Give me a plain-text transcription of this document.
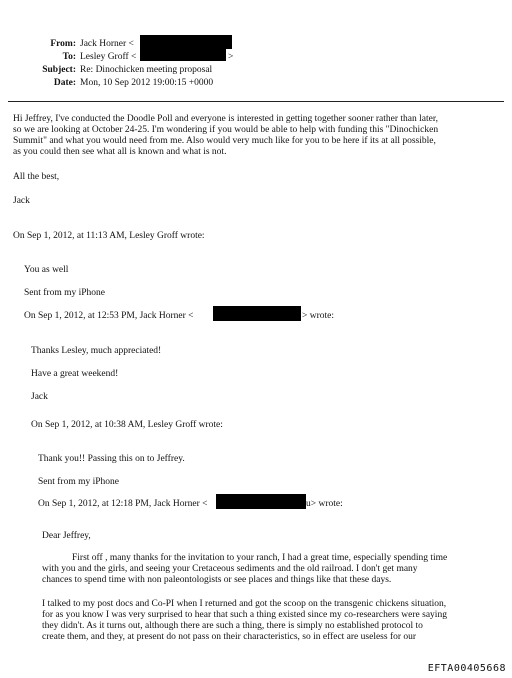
From: Jack Horner <
To: Lesley Groff <	>
Subject: Re: Dinochicken meeting proposal
Date: Mon, 10 Sep 2012 19:00:15 +0000
Hi Jeffrey, I've conducted the Doodle Poll and everyone is interested in getting together sooner rather than later,
so we are looking at October 24-25. I'm wondering if you would be able to help with funding this "Dinochicken
Summit" and what you would need from me. Also would very much like for you to be here if its at all possible,
as you could then see what all is known and what is not.
All the best,
Jack
On Sep 1, 2012, at 11:13 AM, Lesley Groff wrote:
You as well
Sent from my iPhone
On Sep 1, 2012, at 12:53 PM, Jack Horner <	> wrote:
Thanks Lesley, much appreciated!
Have a great weekend!
Jack
On Sep 1, 2012, at 10:38 AM, Lesley Groff wrote:
Thank you!! Passing this on to Jeffrey.
Sent from my iPhone
On Sep 1, 2012, at 12:18 PM, Jack Horner <	u> wrote:
Dear Jeffrey,
First off , many thanks for the invitation to your ranch, I had a great time, especially spending time
with you and the girls, and seeing your Cretaceous sediments and the old railroad. I don't get many
chances to spend time with non paleontologists or see places and things like that these days.
I talked to my post docs and Co-PI when I returned and got the scoop on the transgenic chickens situation,
for as you know I was very surprised to hear that such a thing existed since my co-researchers were saying
they didn't. As it turns out, although there are such a thing, there is simply no established protocol to
create them, and they, at present do not pass on their characteristics, so in effect are useless for our
EFTA00405668
